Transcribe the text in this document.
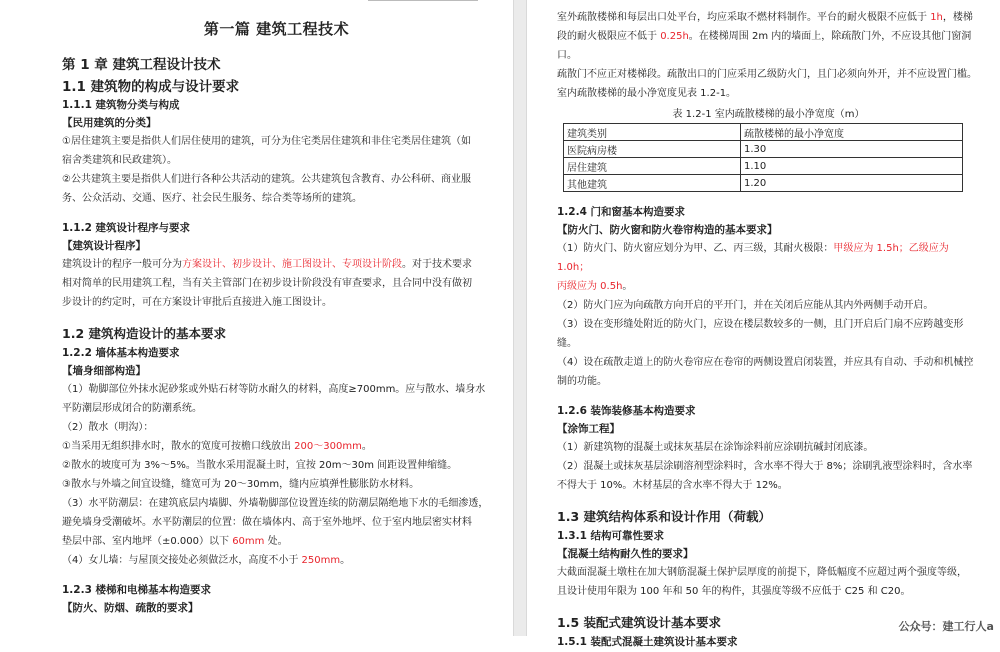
第一篇 建筑工程技术
第 1 章 建筑工程设计技术
1.1 建筑物的构成与设计要求
1.1.1 建筑物分类与构成
【民用建筑的分类】

①居住建筑主要是指供人们居住使用的建筑，可分为住宅类居住建筑和非住宅类居住建筑（如

宿舍类建筑和民政建筑）。

②公共建筑主要是指供人们进行各种公共活动的建筑。公共建筑包含教育、办公科研、商业服

务、公众活动、交通、医疗、社会民生服务、综合类等场所的建筑。

1.1.2 建筑设计程序与要求
【建筑设计程序】

建筑设计的程序一般可分为方案设计、初步设计、施工图设计、专项设计阶段。对于技术要求

相对简单的民用建筑工程，当有关主管部门在初步设计阶段没有审查要求，且合同中没有做初

步设计的约定时，可在方案设计审批后直接进入施工图设计。

1.2 建筑构造设计的基本要求
1.2.2 墙体基本构造要求
【墙身细部构造】

（1）勒脚部位外抹水泥砂浆或外贴石材等防水耐久的材料，高度≥700mm。应与散水、墙身水

平防潮层形成闭合的防潮系统。

（2）散水（明沟）：

①当采用无组织排水时，散水的宽度可按檐口线放出 200～300mm。

②散水的坡度可为 3%～5%。当散水采用混凝土时，宜按 20m～30m 间距设置伸缩缝。

③散水与外墙之间宜设缝，缝宽可为 20～30mm，缝内应填弹性膨胀防水材料。

（3）水平防潮层：在建筑底层内墙脚、外墙勒脚部位设置连续的防潮层隔绝地下水的毛细渗透，

避免墙身受潮破坏。水平防潮层的位置：做在墙体内、高于室外地坪、位于室内地层密实材料

垫层中部、室内地坪（±0.000）以下 60mm 处。

（4）女儿墙：与屋顶交接处必须做泛水，高度不小于 250mm。

1.2.3 楼梯和电梯基本构造要求
【防火、防烟、疏散的要求】

室外疏散楼梯和每层出口处平台，均应采取不燃材料制作。平台的耐火极限不应低于 1h，楼梯

段的耐火极限应不低于 0.25h。在楼梯周围 2m 内的墙面上，除疏散门外，不应设其他门窗洞口。

疏散门不应正对楼梯段。疏散出口的门应采用乙级防火门，且门必须向外开，并不应设置门槛。

室内疏散楼梯的最小净宽度见表 1.2-1。

表 1.2-1 室内疏散楼梯的最小净宽度（m）
建筑类别	疏散楼梯的最小净宽度
医院病房楼	1.30
居住建筑	1.10
其他建筑	1.20
1.2.4 门和窗基本构造要求
【防火门、防火窗和防火卷帘构造的基本要求】

（1）防火门、防火窗应划分为甲、乙、丙三级，其耐火极限：甲级应为 1.5h；乙级应为 1.0h；

丙级应为 0.5h。

（2）防火门应为向疏散方向开启的平开门，并在关闭后应能从其内外两侧手动开启。

（3）设在变形缝处附近的防火门，应设在楼层数较多的一侧，且门开启后门扇不应跨越变形缝。

（4）设在疏散走道上的防火卷帘应在卷帘的两侧设置启闭装置，并应具有自动、手动和机械控

制的功能。

1.2.6 装饰装修基本构造要求
【涂饰工程】

（1）新建筑物的混凝土或抹灰基层在涂饰涂料前应涂刷抗碱封闭底漆。

（2）混凝土或抹灰基层涂刷溶剂型涂料时，含水率不得大于 8%；涂刷乳液型涂料时，含水率

不得大于 10%。木材基层的含水率不得大于 12%。

1.3 建筑结构体系和设计作用（荷载）
1.3.1 结构可靠性要求
【混凝土结构耐久性的要求】

大截面混凝土墩柱在加大钢筋混凝土保护层厚度的前提下，降低幅度不应超过两个强度等级，

且设计使用年限为 100 年和 50 年的构件，其强度等级不应低于 C25 和 C20。

1.5 装配式建筑设计基本要求
1.5.1 装配式混凝土建筑设计基本要求
公众号：建工行人a
